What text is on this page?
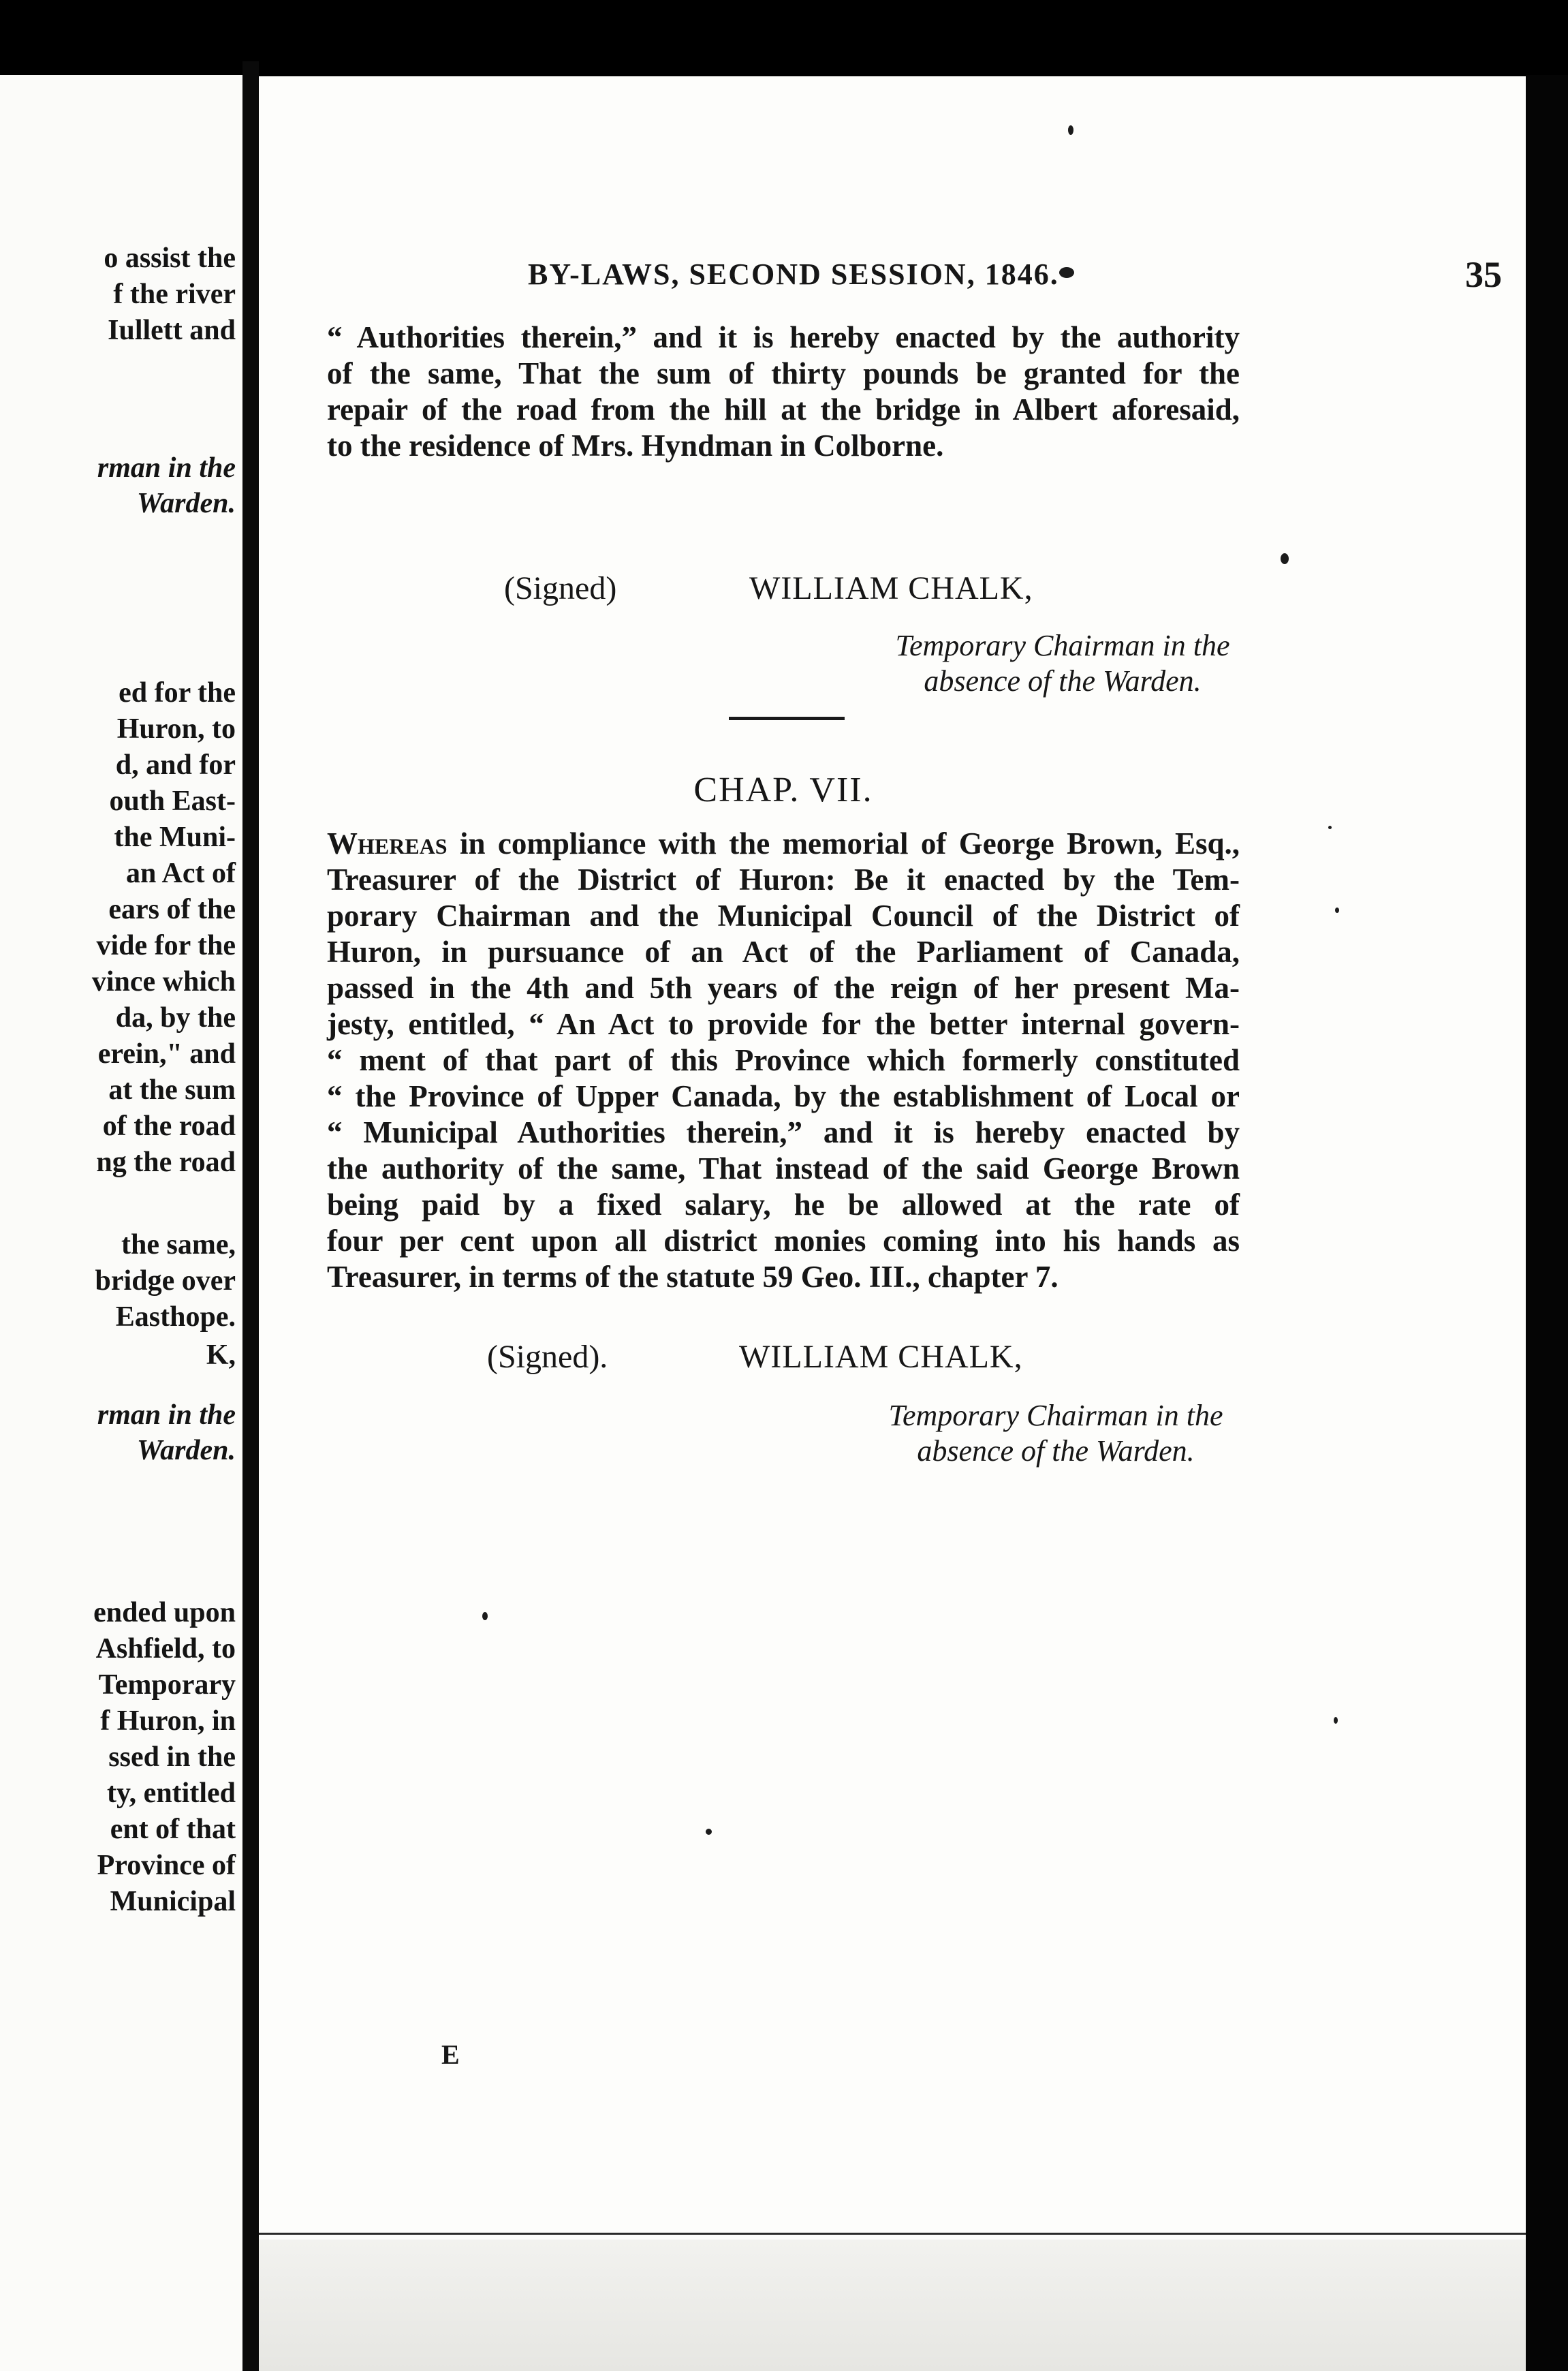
o assist the
f the river
Iullett and
rman in the
Warden.
ed for the
Huron, to
d, and for
outh East-
the Muni-
an Act of
ears of the
vide for the
vince which
da, by the
erein," and
at the sum
of the road
ng the road
the same,
bridge over
Easthope.
K,
rman in the
Warden.
ended upon
Ashfield, to
Temporary
f Huron, in
ssed in the
ty, entitled
ent of that
Province of
Municipal
BY-LAWS, SECOND SESSION, 1846.	35
“ Authorities therein,” and it is hereby enacted by the authority
of the same, That the sum of thirty pounds be granted for the
repair of the road from the hill at the bridge in Albert aforesaid,
to the residence of Mrs. Hyndman in Colborne.
(Signed)	WILLIAM CHALK,
Temporary Chairman in the
absence of the Warden.
CHAP. VII.
Whereas in compliance with the memorial of George Brown, Esq.,
Treasurer of the District of Huron: Be it enacted by the Tem-
porary Chairman and the Municipal Council of the District of
Huron, in pursuance of an Act of the Parliament of Canada,
passed in the 4th and 5th years of the reign of her present Ma-
jesty, entitled, “ An Act to provide for the better internal govern-
“ ment of that part of this Province which formerly constituted
“ the Province of Upper Canada, by the establishment of Local or
“ Municipal Authorities therein,” and it is hereby enacted by
the authority of the same, That instead of the said George Brown
being paid by a fixed salary, he be allowed at the rate of
four per cent upon all district monies coming into his hands as
Treasurer, in terms of the statute 59 Geo. III., chapter 7.
(Signed).	WILLIAM CHALK,
Temporary Chairman in the
absence of the Warden.
E
